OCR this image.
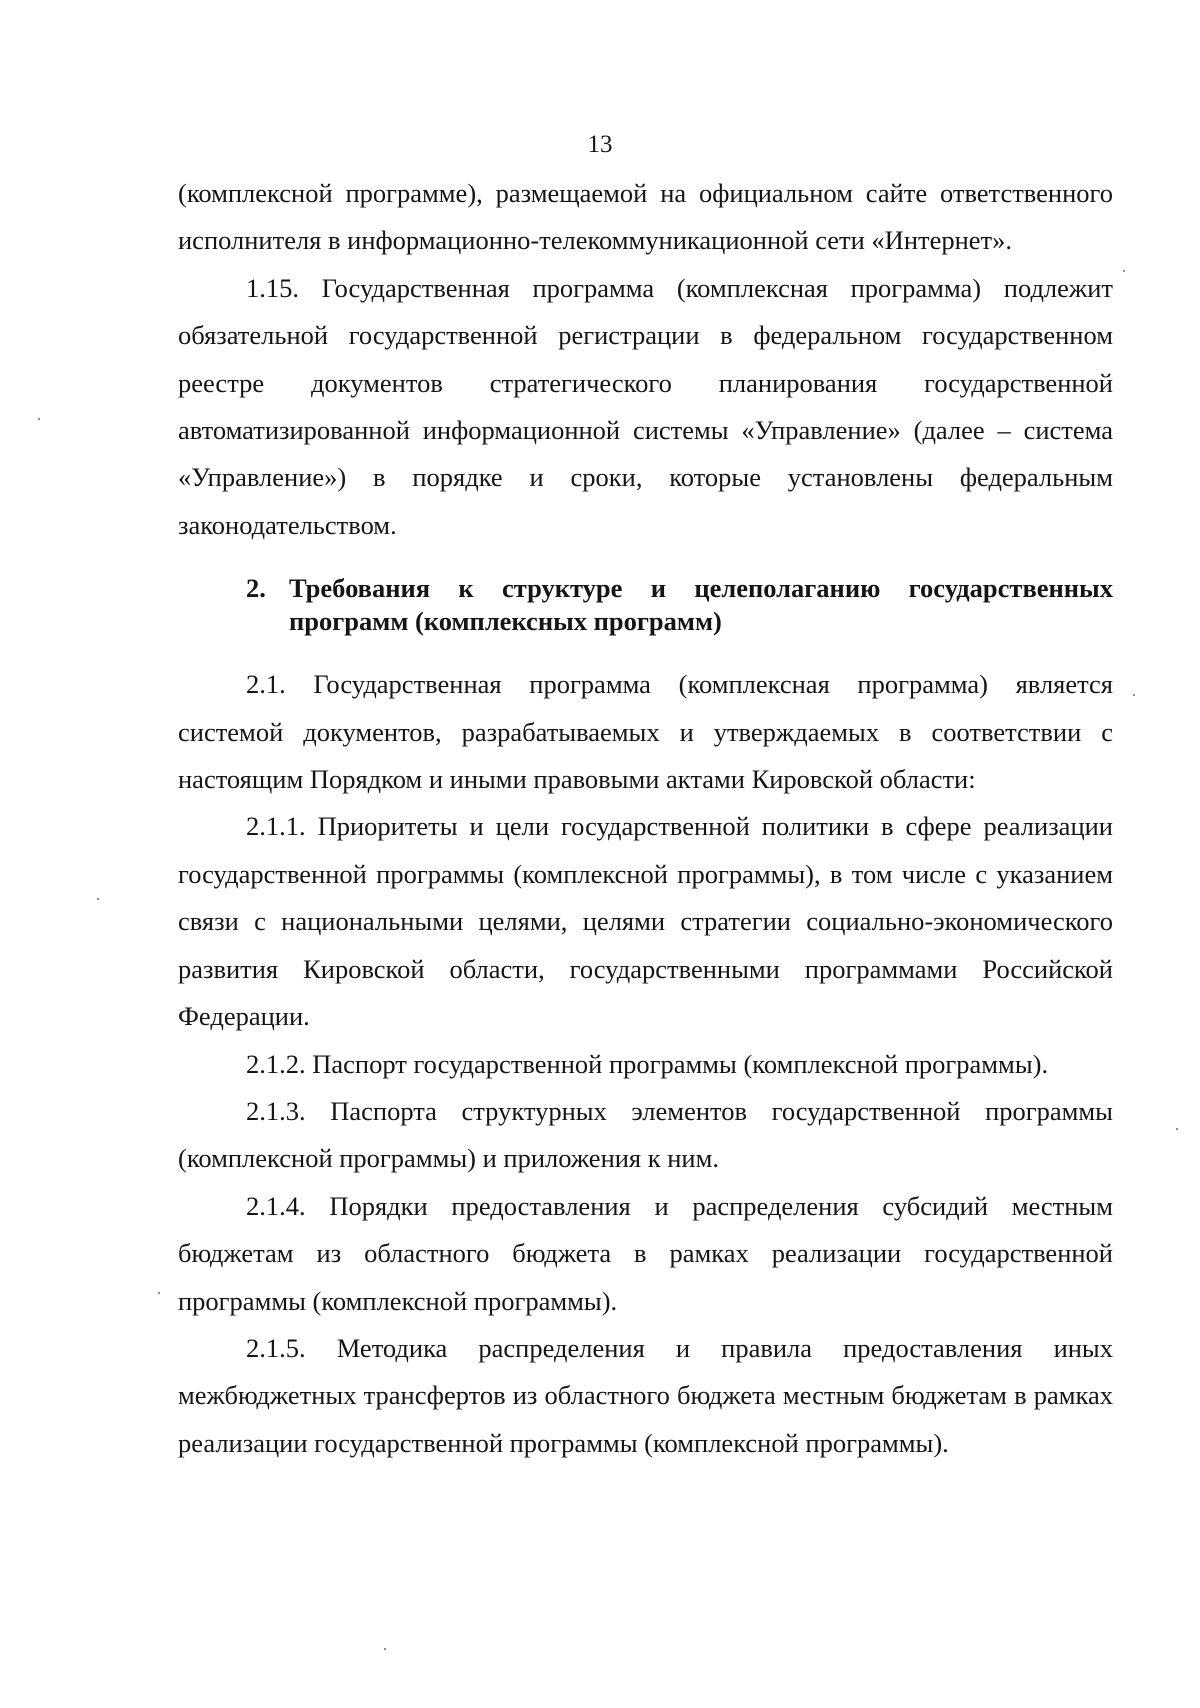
13

(комплексной программе), размещаемой на официальном сайте ответственного исполнителя в информационно-телекоммуникационной сети «Интернет».

1.15. Государственная программа (комплексная программа) подлежит обязательной государственной регистрации в федеральном государственном реестре документов стратегического планирования государственной автоматизированной информационной системы «Управление» (далее – система «Управление») в порядке и сроки, которые установлены федеральным законодательством.

2. Требования к структуре и целеполаганию государственных
программ (комплексных программ)

2.1. Государственная программа (комплексная программа) является системой документов, разрабатываемых и утверждаемых в соответствии с настоящим Порядком и иными правовыми актами Кировской области:

2.1.1. Приоритеты и цели государственной политики в сфере реализации государственной программы (комплексной программы), в том числе с указанием связи с национальными целями, целями стратегии социально-экономического развития Кировской области, государственными программами Российской Федерации.

2.1.2. Паспорт государственной программы (комплексной программы).

2.1.3. Паспорта структурных элементов государственной программы (комплексной программы) и приложения к ним.

2.1.4. Порядки предоставления и распределения субсидий местным бюджетам из областного бюджета в рамках реализации государственной программы (комплексной программы).

2.1.5. Методика распределения и правила предоставления иных межбюджетных трансфертов из областного бюджета местным бюджетам в рамках реализации государственной программы (комплексной программы).
